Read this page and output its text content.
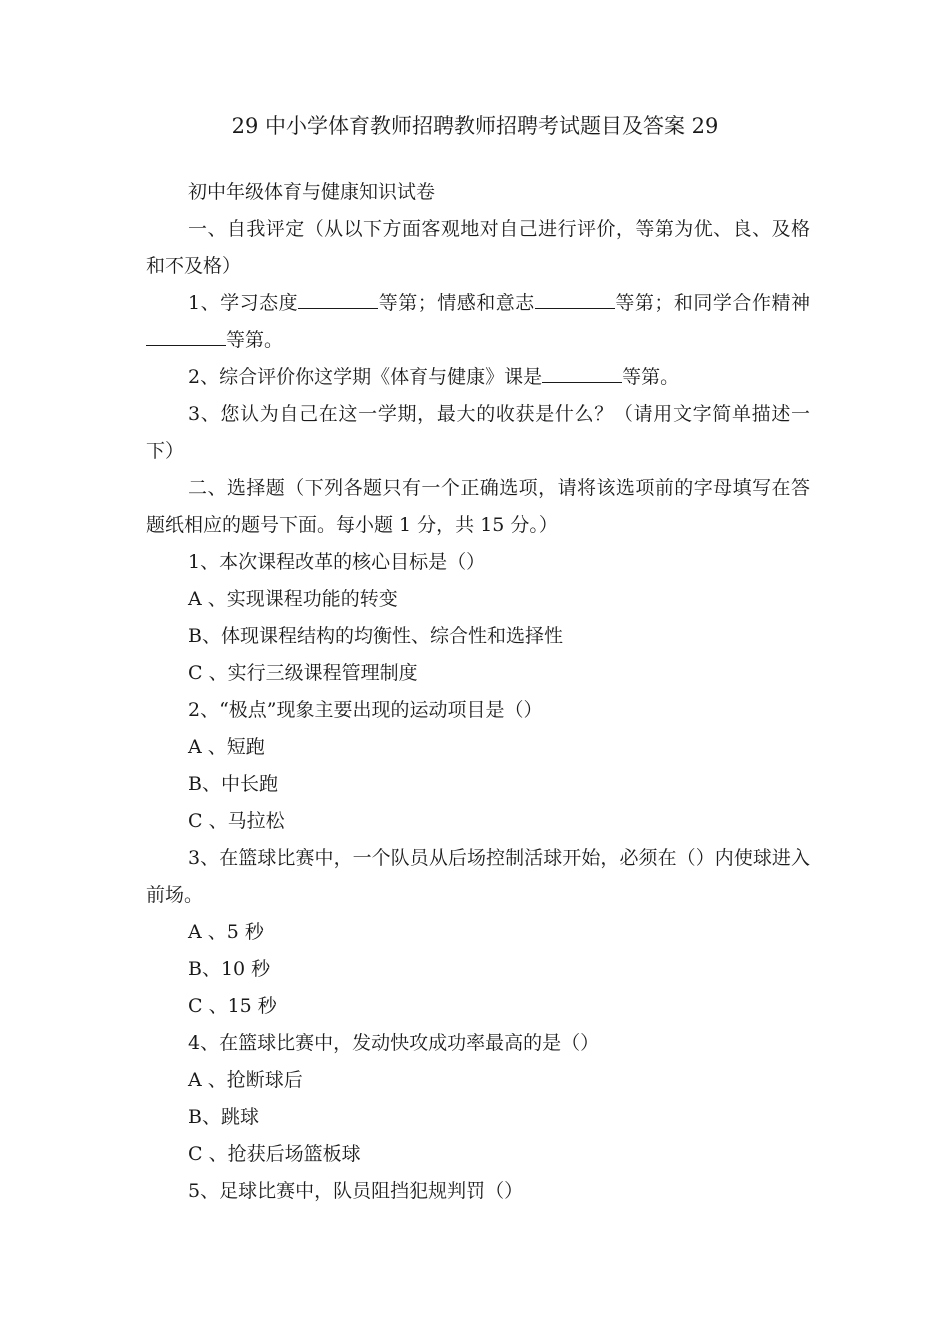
29 中小学体育教师招聘教师招聘考试题目及答案 29
初中年级体育与健康知识试卷
一、自我评定（从以下方面客观地对自己进行评价，等第为优、良、及格和不及格）
1、学习态度	等第；情感和意志	等第；和同学合作精神等第。
2、综合评价你这学期《体育与健康》课是	等第。
3、您认为自己在这一学期，最大的收获是什么？（请用文字简单描述一下）
二、选择题（下列各题只有一个正确选项，请将该选项前的字母填写在答题纸相应的题号下面。每小题 1 分，共 15 分。）
1、本次课程改革的核心目标是（）
A 、实现课程功能的转变
B、体现课程结构的均衡性、综合性和选择性
C 、实行三级课程管理制度
2、“极点”现象主要出现的运动项目是（）
A 、短跑
B、中长跑
C 、马拉松
3、在篮球比赛中，一个队员从后场控制活球开始，必须在（）内使球进入前场。
A 、5 秒
B、10 秒
C 、15 秒
4、在篮球比赛中，发动快攻成功率最高的是（）
A 、抢断球后
B、跳球
C 、抢获后场篮板球
5、足球比赛中，队员阻挡犯规判罚（）
